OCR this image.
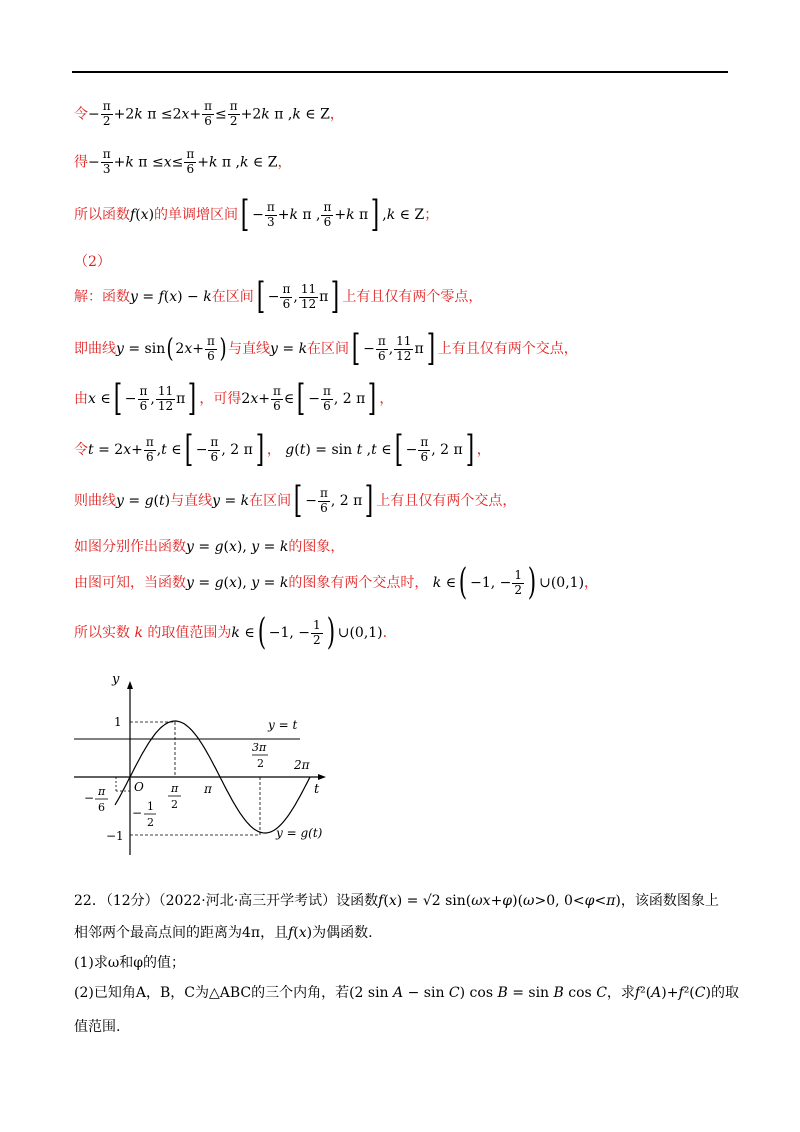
令− $\frac{\pi}{2} +2k$ $\pi \le 2x+ \frac{\pi}{6} \le \frac{\pi}{2} +2k$ π ,k ∈ Z，
得− $\frac{\pi}{3} +k$ $\pi \le x\le \frac{\pi}{6} +k$ π ,k ∈ Z，
所以函数f(x)的单调增区间[ − $\frac{\pi}{3} +k$ π , $\frac{\pi}{6} +k$ π] ,k ∈ Z；
（2）
解：函数y = f(x) − k在区间[ − $\frac{\pi}{6}$ , $\frac{11}{12} \pi$] 上有且仅有两个零点，
即曲线y = sin( $2x+ \frac{\pi}{6}$ ) 与直线y = k在区间[ − $\frac{\pi}{6}$ , $\frac{11}{12} \pi$] 上有且仅有两个交点，
由x ∈[ − $\frac{\pi}{6}$ , $\frac{11}{12} \pi$] ，可得$2x+ \frac{\pi}{6}$ ∈[ − $\frac{\pi}{6}$ , 2 π] ，
令$t = 2x+ \frac{\pi}{6} ,t$ ∈[ − $\frac{\pi}{6}$ , 2 π] ， g(t) = sin t ,t ∈[ − $\frac{\pi}{6}$ , 2 π] ，
则曲线y = g(t)与直线y = k在区间[ − $\frac{\pi}{6}$ , 2 π] 上有且仅有两个交点，
如图分别作出函数y = g(x), y = k的图象，
由图可知，当函数y = g(x), y = k的图象有两个交点时， k ∈( −1, − $\frac{1}{2}$ ) ∪(0,1)，
所以实数 k 的取值范围为k ∈( −1, − $\frac{1}{2}$ ) ∪(0,1).
y
t
O
y = t
1
−1
π
2π
3π
2
π
2
− π
6 − 1
2
y = g(t)
22．（12分）（2022·河北·高三开学考试）设函数f(x) = √2 sin(ωx+φ)(ω>0, 0<φ<π)，该函数图象上
相邻两个最高点间的距离为4π，且f(x)为偶函数.
(1)求ω和φ的值；
(2)已知角A，B，C为△ABC的三个内角，若(2 sin A − sin C) cos B = sin B cos C，求f²(A)+f²(C)的取
值范围.
